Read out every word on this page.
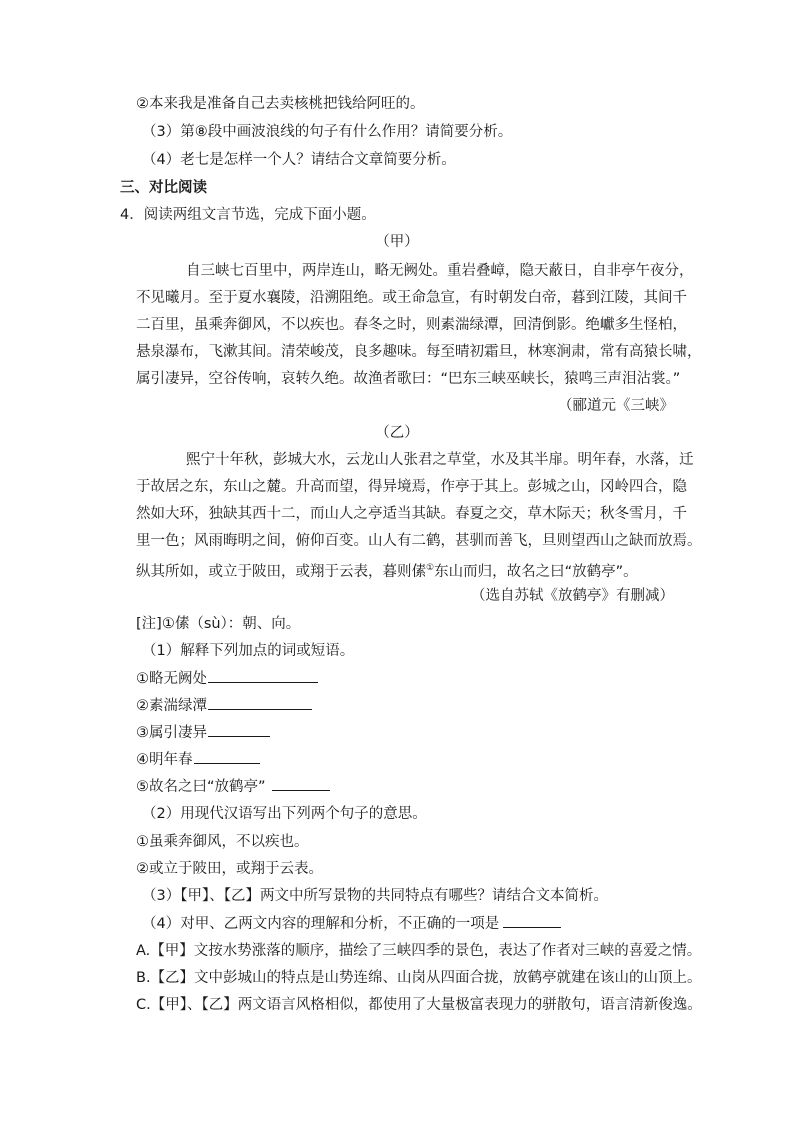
②本来我是准备自己去卖核桃把钱给阿旺的。
（3）第⑧段中画波浪线的句子有什么作用？请简要分析。
（4）老七是怎样一个人？请结合文章简要分析。
三、对比阅读
4．阅读两组文言节选，完成下面小题。
（甲）
自三峡七百里中，两岸连山，略无阙处。重岩叠嶂，隐天蔽日，自非亭午夜分，
不见曦月。至于夏水襄陵，沿溯阻绝。或王命急宣，有时朝发白帝，暮到江陵，其间千
二百里，虽乘奔御风，不以疾也。春冬之时，则素湍绿潭，回清倒影。绝巘多生怪柏，
悬泉瀑布，飞漱其间。清荣峻茂，良多趣味。每至晴初霜旦，林寒涧肃，常有高猿长啸，
属引凄异，空谷传响，哀转久绝。故渔者歌曰：“巴东三峡巫峡长，猿鸣三声泪沾裳。”
（郦道元《三峡》
（乙）
熙宁十年秋，彭城大水，云龙山人张君之草堂，水及其半扉。明年春，水落，迁
于故居之东，东山之麓。升高而望，得异境焉，作亭于其上。彭城之山，冈岭四合，隐
然如大环，独缺其西十二，而山人之亭适当其缺。春夏之交，草木际天；秋冬雪月，千
里一色；风雨晦明之间，俯仰百变。山人有二鹤，甚驯而善飞，旦则望西山之缺而放焉。
纵其所如，或立于陂田，或翔于云表，暮则傃①东山而归，故名之曰“放鹤亭”。
（选自苏轼《放鹤亭》有删减）
[注]①傃（sù）：朝、向。
（1）解释下列加点的词或短语。
①略无阙处
②素湍绿潭
③属引凄异
④明年春
⑤故名之曰“放鹤亭”
（2）用现代汉语写出下列两个句子的意思。
①虽乘奔御风，不以疾也。
②或立于陂田，或翔于云表。
（3）【甲】、【乙】两文中所写景物的共同特点有哪些？请结合文本简析。
（4）对甲、乙两文内容的理解和分析，不正确的一项是
A.【甲】文按水势涨落的顺序，描绘了三峡四季的景色，表达了作者对三峡的喜爱之情。
B.【乙】文中彭城山的特点是山势连绵、山岗从四面合拢，放鹤亭就建在该山的山顶上。
C.【甲】、【乙】两文语言风格相似，都使用了大量极富表现力的骈散句，语言清新俊逸。
